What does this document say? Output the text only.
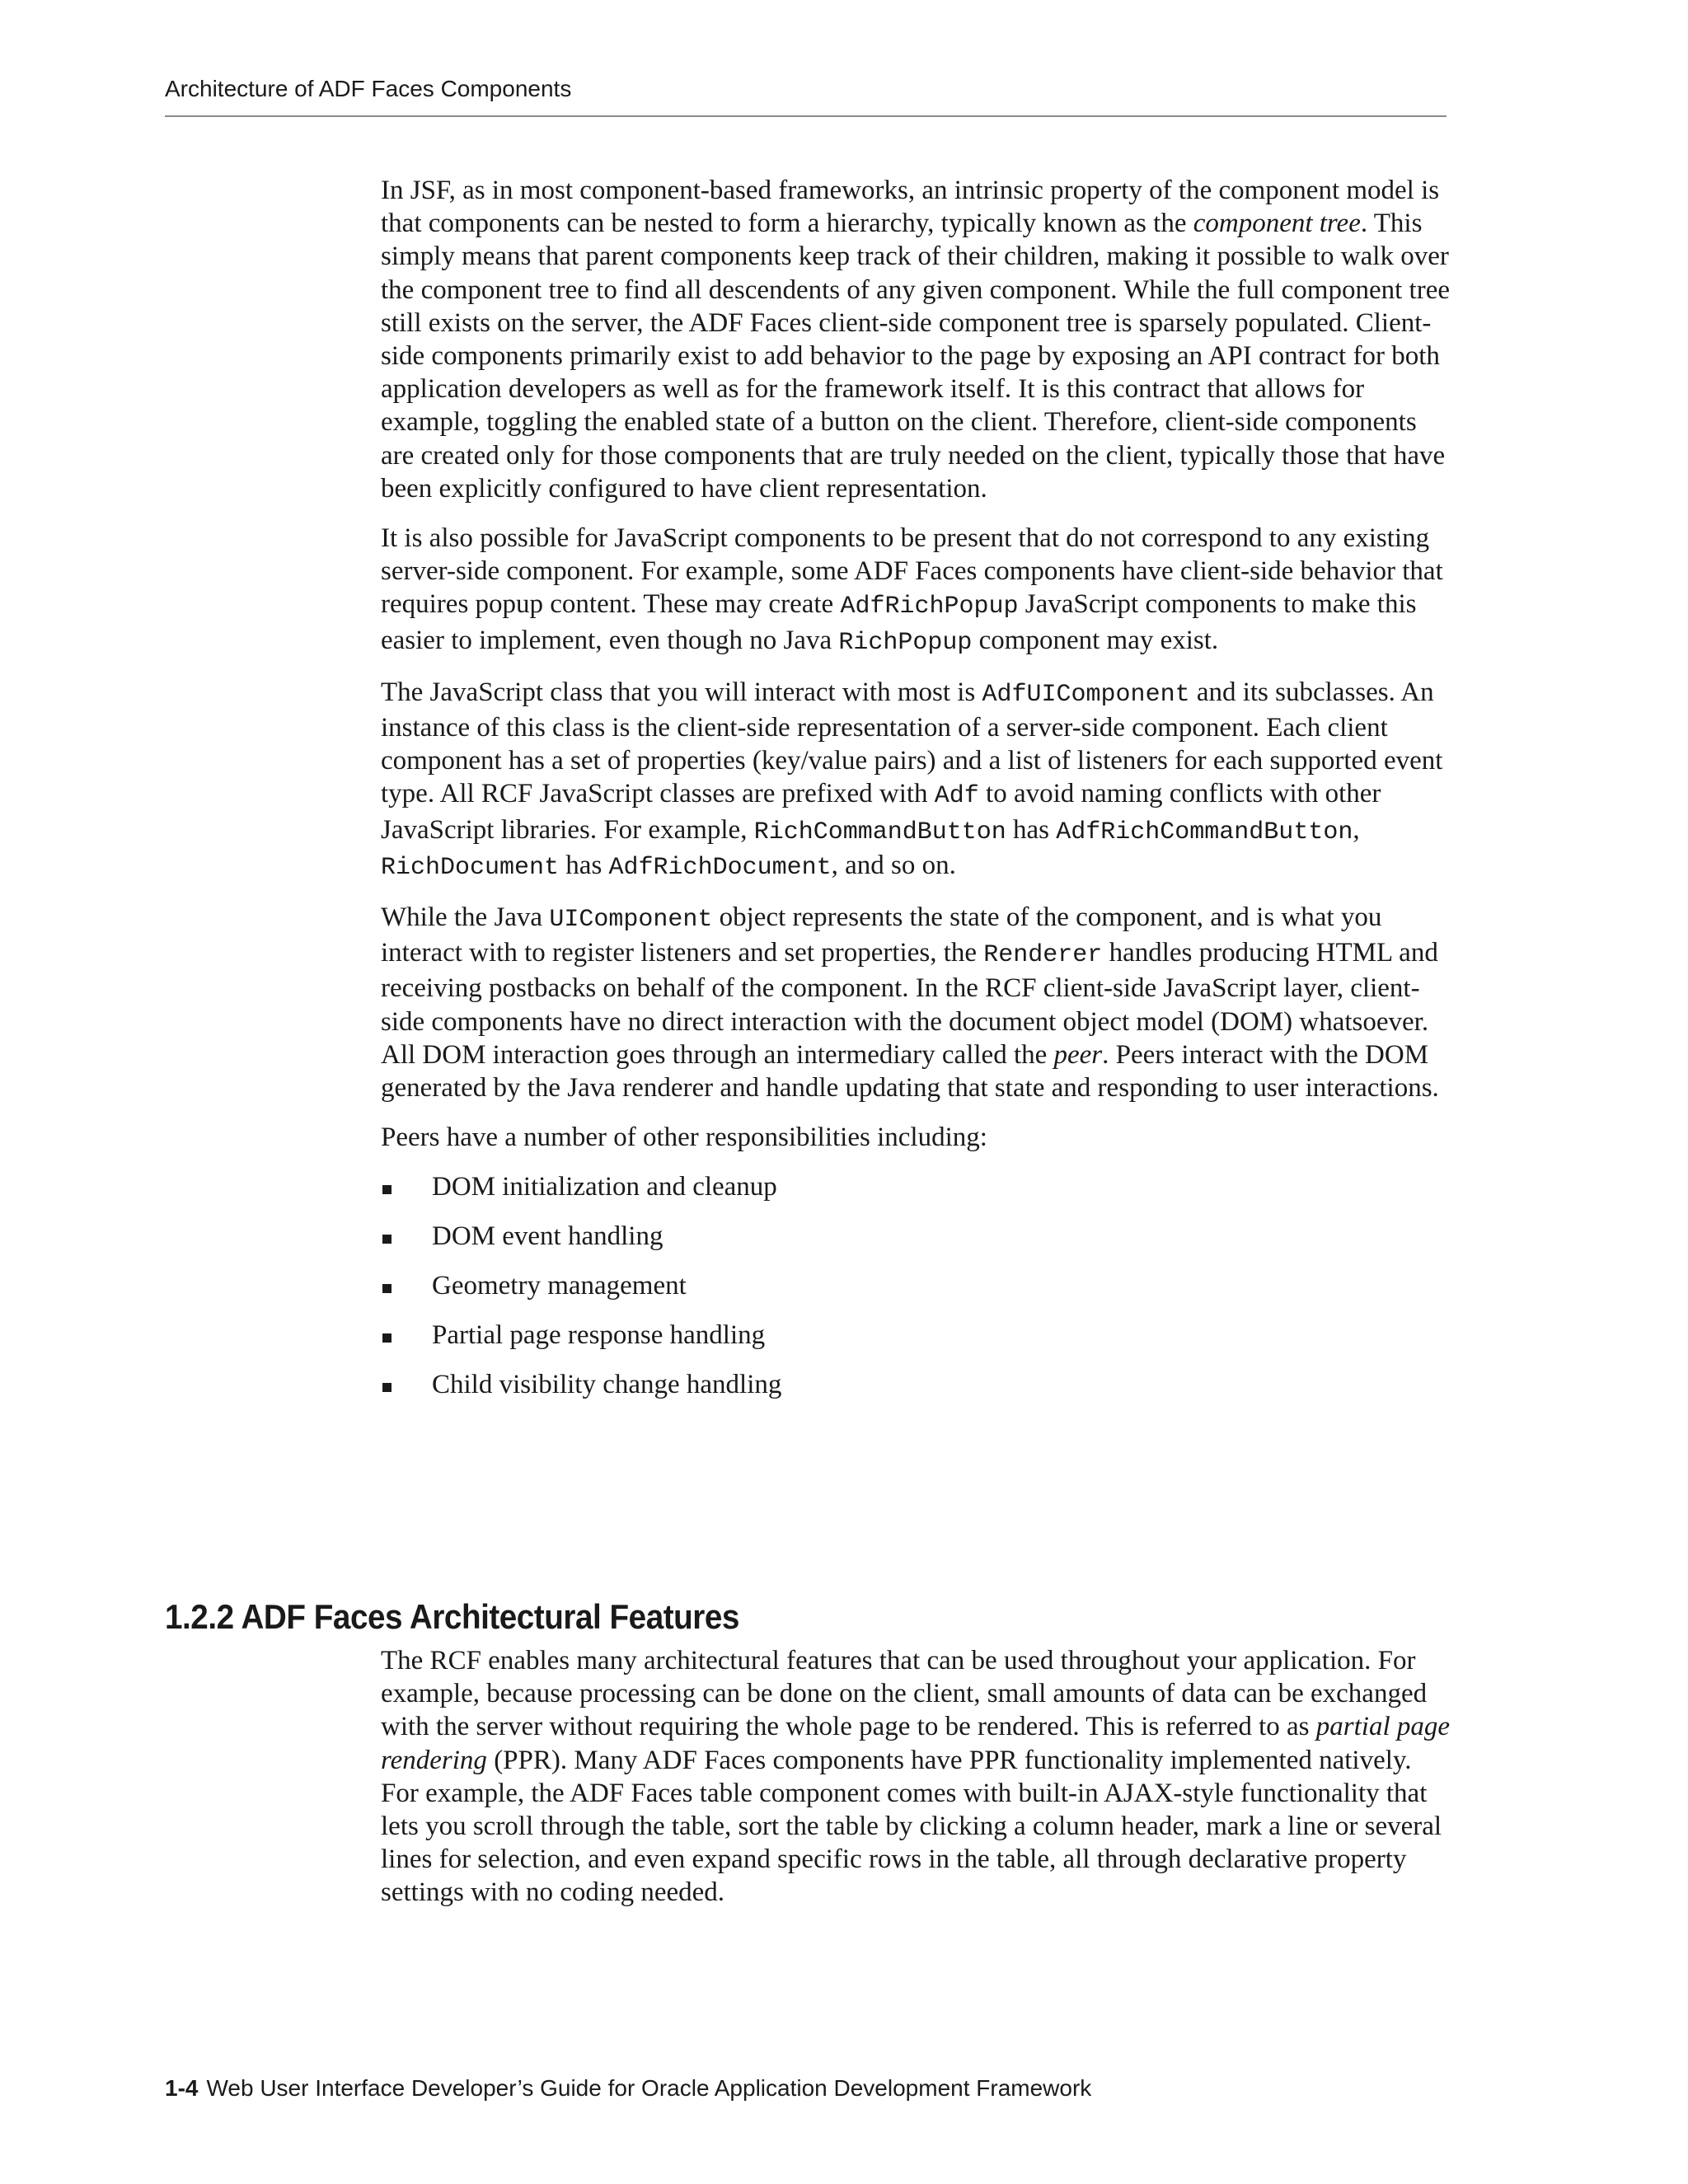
Architecture of ADF Faces Components

In JSF, as in most component-based frameworks, an intrinsic property of the component model is that components can be nested to form a hierarchy, typically known as the component tree. This simply means that parent components keep track of their children, making it possible to walk over the component tree to find all descendents of any given component. While the full component tree still exists on the server, the ADF Faces client-side component tree is sparsely populated. Client-side components primarily exist to add behavior to the page by exposing an API contract for both application developers as well as for the framework itself. It is this contract that allows for example, toggling the enabled state of a button on the client. Therefore, client-side components are created only for those components that are truly needed on the client, typically those that have been explicitly configured to have client representation.

It is also possible for JavaScript components to be present that do not correspond to any existing server-side component. For example, some ADF Faces components have client-side behavior that requires popup content. These may create AdfRichPopup JavaScript components to make this easier to implement, even though no Java RichPopup component may exist.

The JavaScript class that you will interact with most is AdfUIComponent and its subclasses. An instance of this class is the client-side representation of a server-side component. Each client component has a set of properties (key/value pairs) and a list of listeners for each supported event type. All RCF JavaScript classes are prefixed with Adf to avoid naming conflicts with other JavaScript libraries. For example, RichCommandButton has AdfRichCommandButton, RichDocument has AdfRichDocument, and so on.

While the Java UIComponent object represents the state of the component, and is what you interact with to register listeners and set properties, the Renderer handles producing HTML and receiving postbacks on behalf of the component. In the RCF client-side JavaScript layer, client-side components have no direct interaction with the document object model (DOM) whatsoever. All DOM interaction goes through an intermediary called the peer. Peers interact with the DOM generated by the Java renderer and handle updating that state and responding to user interactions.

Peers have a number of other responsibilities including:

DOM initialization and cleanup
DOM event handling
Geometry management
Partial page response handling
Child visibility change handling
1.2.2 ADF Faces Architectural Features

The RCF enables many architectural features that can be used throughout your application. For example, because processing can be done on the client, small amounts of data can be exchanged with the server without requiring the whole page to be rendered. This is referred to as partial page rendering (PPR). Many ADF Faces components have PPR functionality implemented natively. For example, the ADF Faces table component comes with built-in AJAX-style functionality that lets you scroll through the table, sort the table by clicking a column header, mark a line or several lines for selection, and even expand specific rows in the table, all through declarative property settings with no coding needed.

1-4 Web User Interface Developer’s Guide for Oracle Application Development Framework
